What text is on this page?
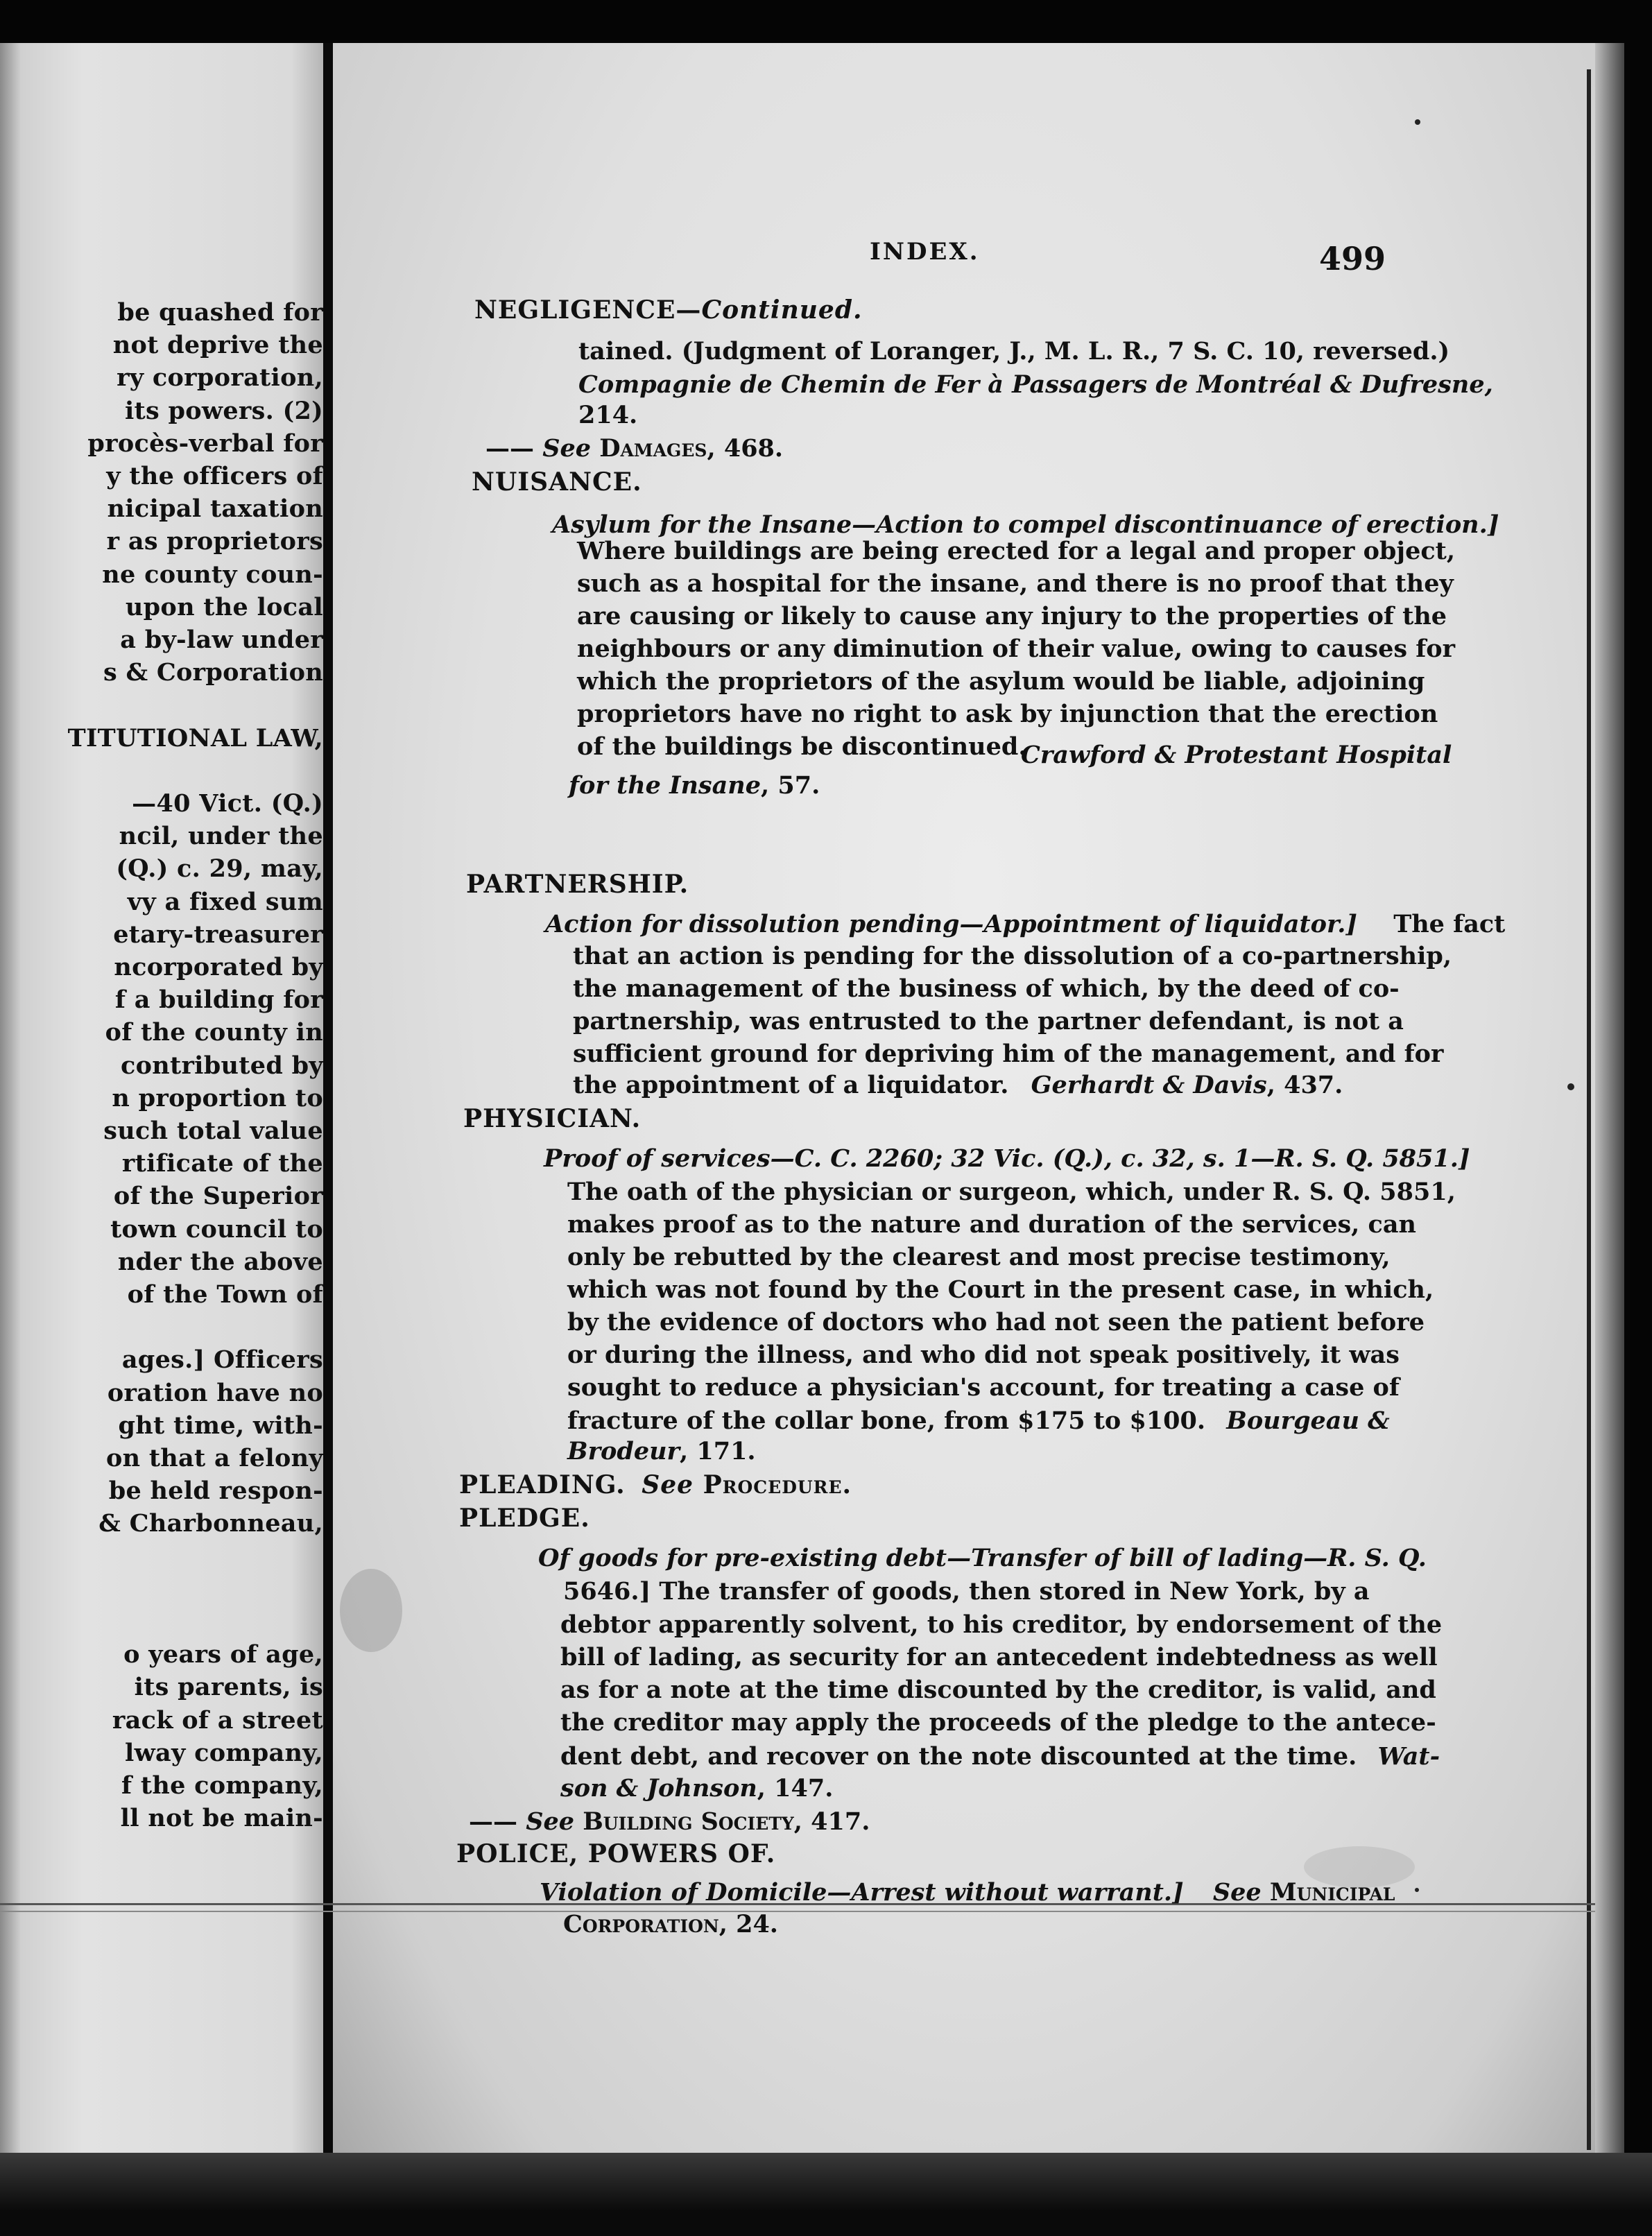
be quashed for
not deprive the
ry corporation,
its powers. (2)
procès-verbal for
y the officers of
nicipal taxation
r as proprietors
ne county coun-
upon the local
a by-law under
s & Corporation
TITUTIONAL LAW,
—40 Vict. (Q.)
ncil, under the
(Q.) c. 29, may,
vy a fixed sum
etary-treasurer
ncorporated by
f a building for
of the county in
contributed by
n proportion to
such total value
rtificate of the
of the Superior
town council to
nder the above
of the Town of
ages.] Officers
oration have no
ght time, with-
on that a felony
be held respon-
& Charbonneau,
o years of age,
its parents, is
rack of a street
lway company,
f the company,
ll not be main-
INDEX.	499
NEGLIGENCE—Continued.
tained. (Judgment of Loranger, J., M. L. R., 7 S. C. 10, reversed.)
Compagnie de Chemin de Fer à Passagers de Montréal & Dufresne,
214.
—— See Damages, 468.
NUISANCE.
Asylum for the Insane—Action to compel discontinuance of erection.]
Where buildings are being erected for a legal and proper object,
such as a hospital for the insane, and there is no proof that they
are causing or likely to cause any injury to the properties of the
neighbours or any diminution of their value, owing to causes for
which the proprietors of the asylum would be liable, adjoining
proprietors have no right to ask by injunction that the erection
of the buildings be discontinued.
Crawford & Protestant Hospital
for the Insane, 57.
PARTNERSHIP.
Action for dissolution pending—Appointment of liquidator.] The fact
that an action is pending for the dissolution of a co-partnership,
the management of the business of which, by the deed of co-
partnership, was entrusted to the partner defendant, is not a
sufficient ground for depriving him of the management, and for
the appointment of a liquidator. Gerhardt & Davis, 437.
PHYSICIAN.
Proof of services—C. C. 2260; 32 Vic. (Q.), c. 32, s. 1—R. S. Q. 5851.]
The oath of the physician or surgeon, which, under R. S. Q. 5851,
makes proof as to the nature and duration of the services, can
only be rebutted by the clearest and most precise testimony,
which was not found by the Court in the present case, in which,
by the evidence of doctors who had not seen the patient before
or during the illness, and who did not speak positively, it was
sought to reduce a physician's account, for treating a case of
fracture of the collar bone, from $175 to $100. Bourgeau &
Brodeur, 171.
PLEADING. See Procedure.
PLEDGE.
Of goods for pre-existing debt—Transfer of bill of lading—R. S. Q.
5646.] The transfer of goods, then stored in New York, by a
debtor apparently solvent, to his creditor, by endorsement of the
bill of lading, as security for an antecedent indebtedness as well
as for a note at the time discounted by the creditor, is valid, and
the creditor may apply the proceeds of the pledge to the antece-
dent debt, and recover on the note discounted at the time. Wat-
son & Johnson, 147.
—— See Building Society, 417.
POLICE, POWERS OF.
Violation of Domicile—Arrest without warrant.] See Municipal
Corporation, 24.
